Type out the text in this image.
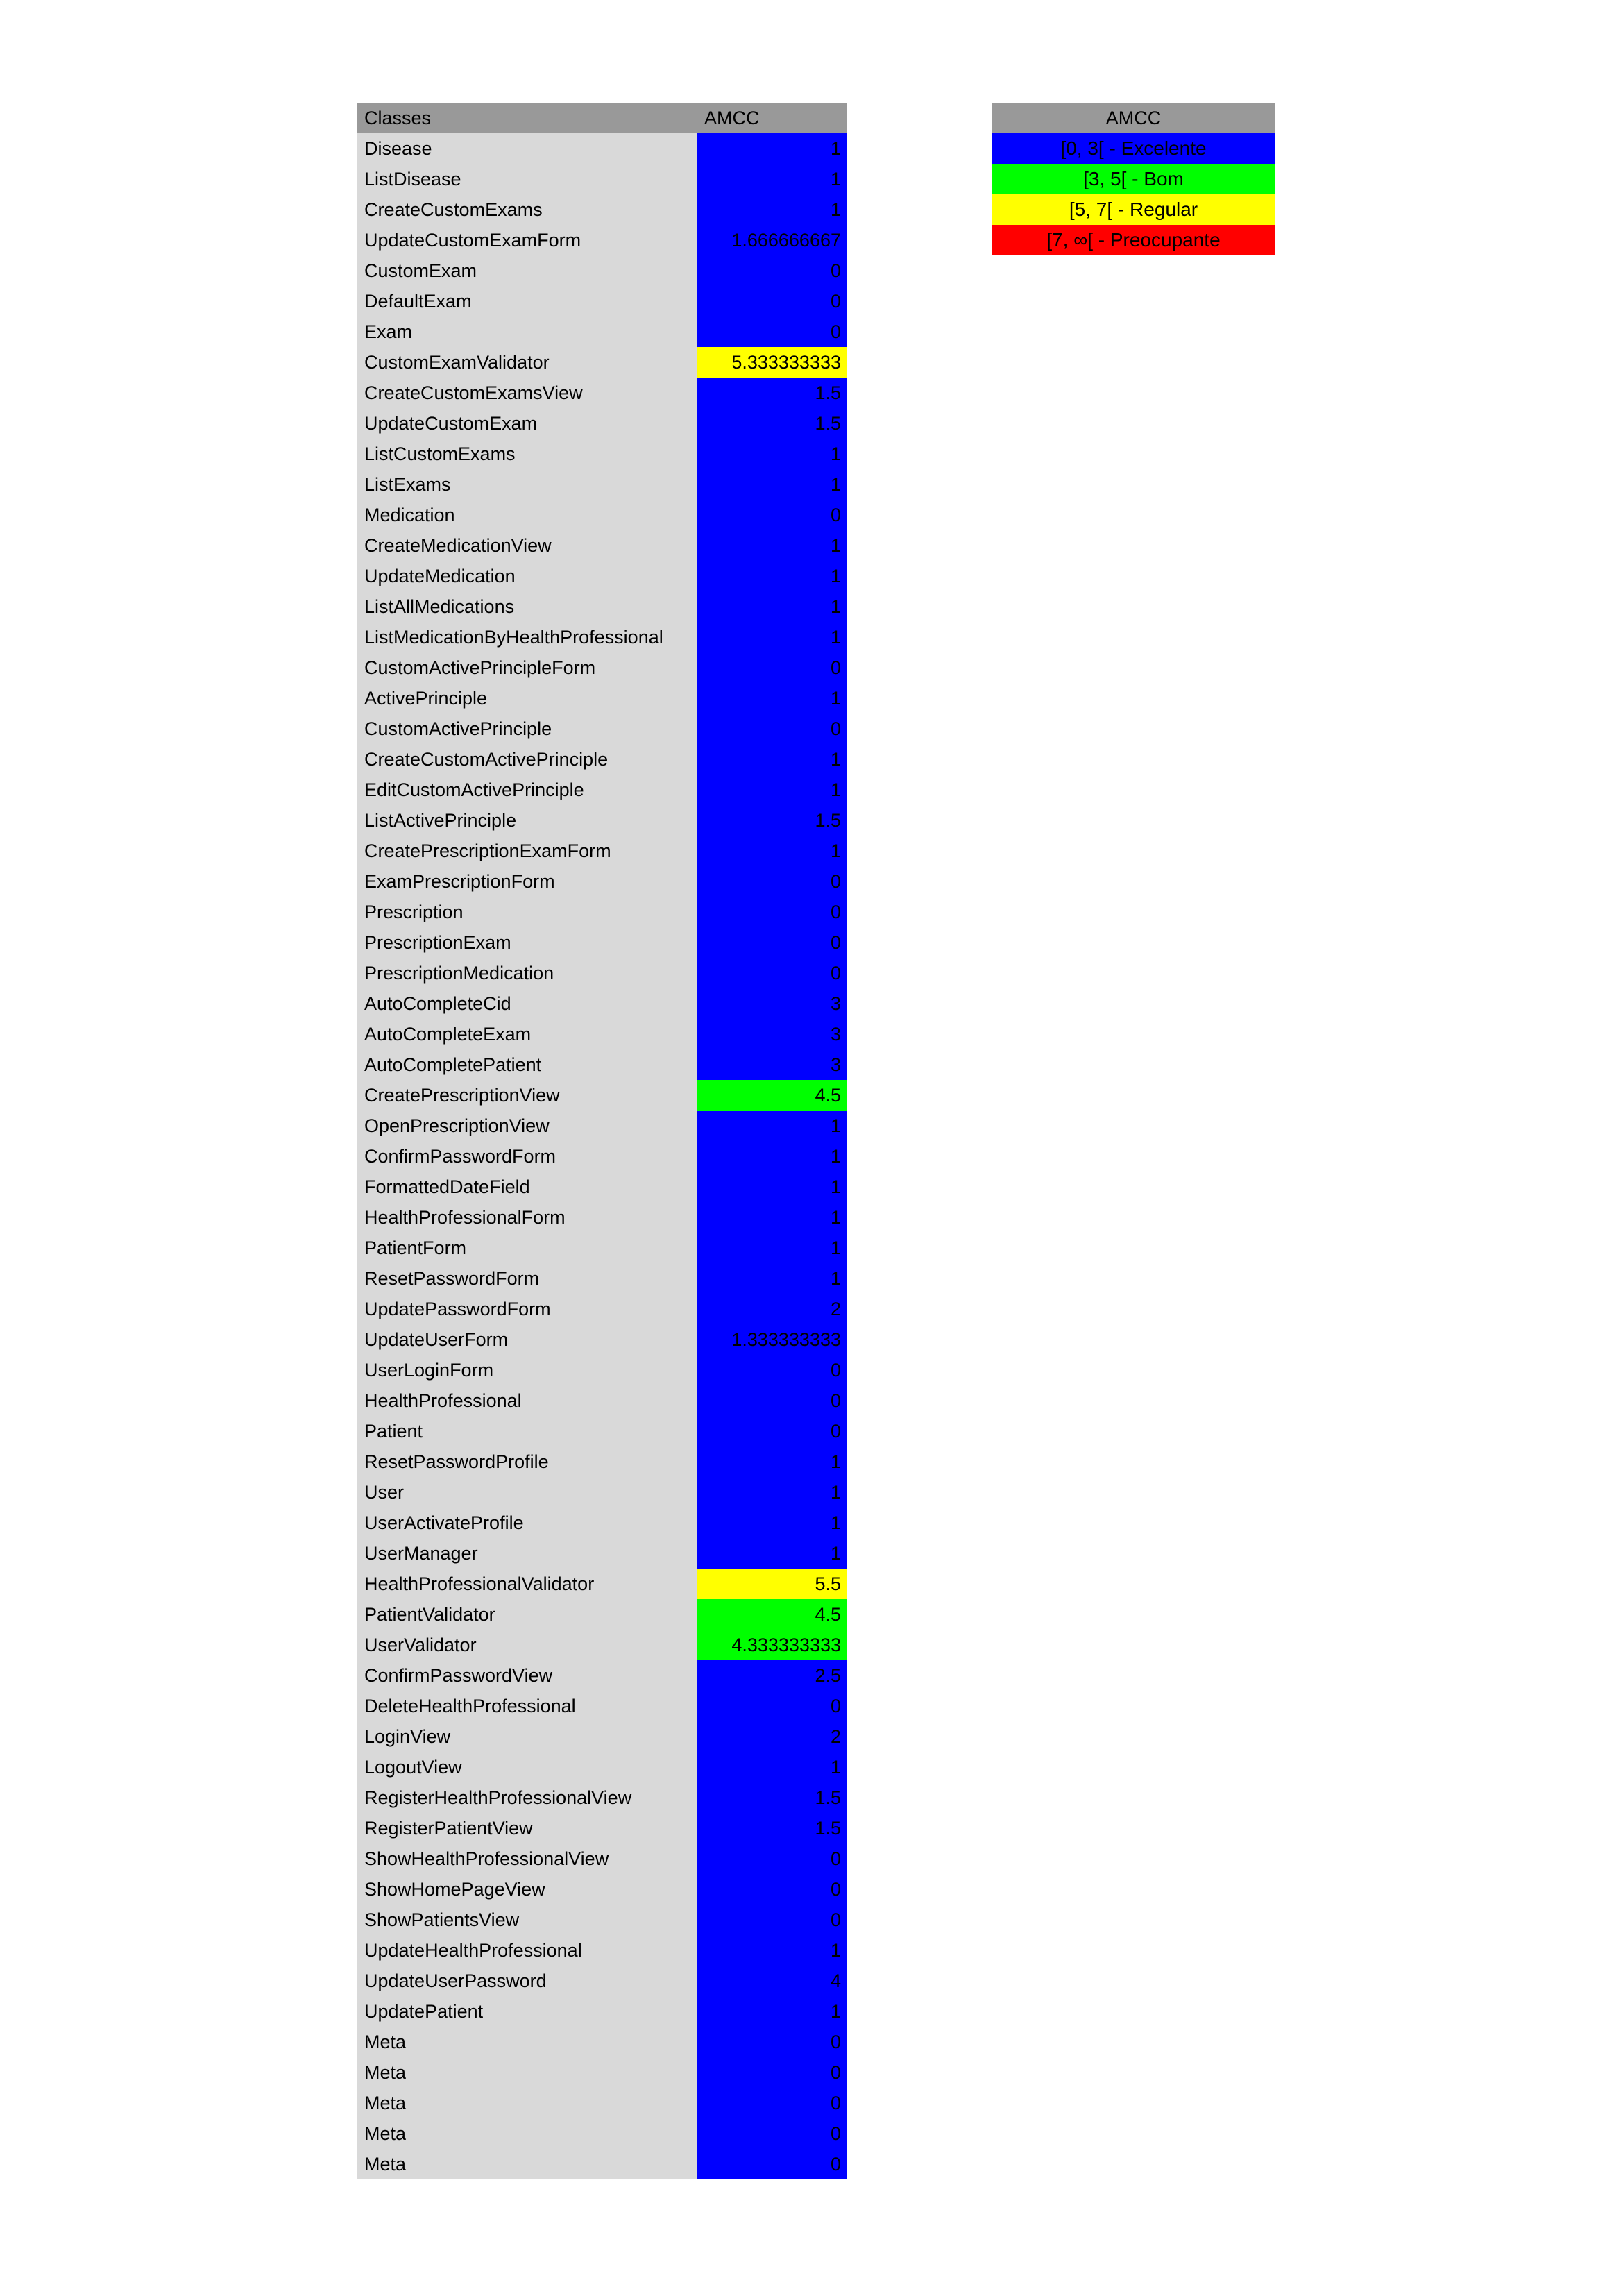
Classes	AMCC
Disease	1
ListDisease	1
CreateCustomExams	1
UpdateCustomExamForm	1.666666667
CustomExam	0
DefaultExam	0
Exam	0
CustomExamValidator	5.333333333
CreateCustomExamsView	1.5
UpdateCustomExam	1.5
ListCustomExams	1
ListExams	1
Medication	0
CreateMedicationView	1
UpdateMedication	1
ListAllMedications	1
ListMedicationByHealthProfessional	1
CustomActivePrincipleForm	0
ActivePrinciple	1
CustomActivePrinciple	0
CreateCustomActivePrinciple	1
EditCustomActivePrinciple	1
ListActivePrinciple	1.5
CreatePrescriptionExamForm	1
ExamPrescriptionForm	0
Prescription	0
PrescriptionExam	0
PrescriptionMedication	0
AutoCompleteCid	3
AutoCompleteExam	3
AutoCompletePatient	3
CreatePrescriptionView	4.5
OpenPrescriptionView	1
ConfirmPasswordForm	1
FormattedDateField	1
HealthProfessionalForm	1
PatientForm	1
ResetPasswordForm	1
UpdatePasswordForm	2
UpdateUserForm	1.333333333
UserLoginForm	0
HealthProfessional	0
Patient	0
ResetPasswordProfile	1
User	1
UserActivateProfile	1
UserManager	1
HealthProfessionalValidator	5.5
PatientValidator	4.5
UserValidator	4.333333333
ConfirmPasswordView	2.5
DeleteHealthProfessional	0
LoginView	2
LogoutView	1
RegisterHealthProfessionalView	1.5
RegisterPatientView	1.5
ShowHealthProfessionalView	0
ShowHomePageView	0
ShowPatientsView	0
UpdateHealthProfessional	1
UpdateUserPassword	4
UpdatePatient	1
Meta	0
Meta	0
Meta	0
Meta	0
Meta	0
AMCC
[0, 3[ - Excelente
[3, 5[ - Bom
[5, 7[ - Regular
[7, ∞[ - Preocupante
